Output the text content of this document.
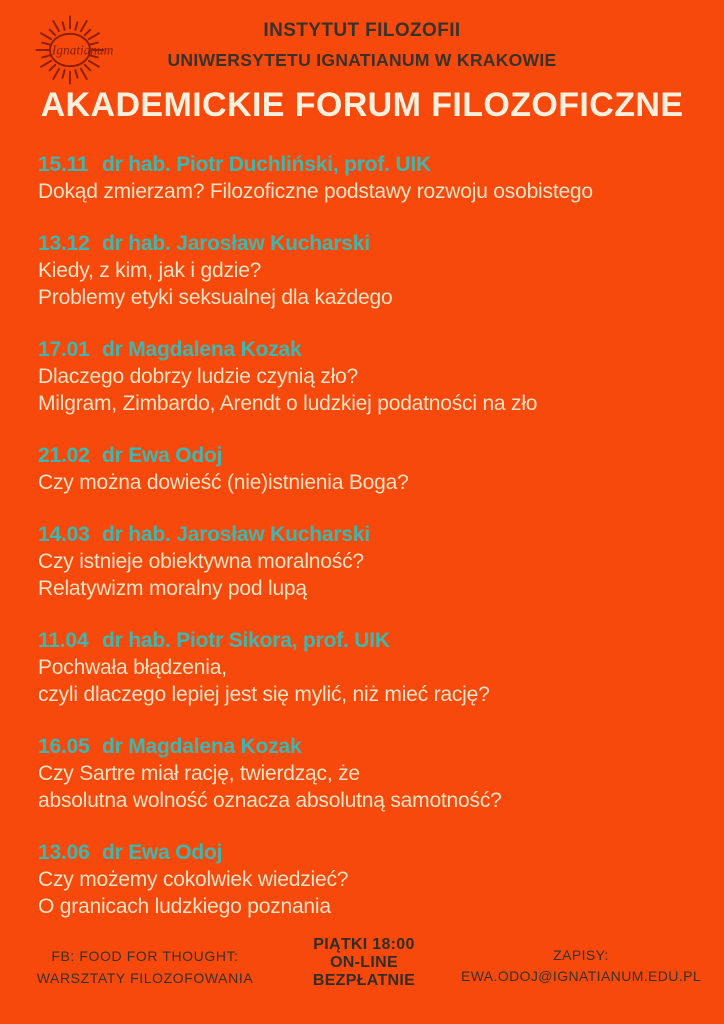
Ignatianum
INSTYTUT FILOZOFII
UNIWERSYTETU IGNATIANUM W KRAKOWIE
AKADEMICKIE FORUM FILOZOFICZNE
15.11 dr hab. Piotr Duchliński, prof. UIK
Dokąd zmierzam? Filozoficzne podstawy rozwoju osobistego
13.12 dr hab. Jarosław Kucharski
Kiedy, z kim, jak i gdzie?
Problemy etyki seksualnej dla każdego
17.01 dr Magdalena Kozak
Dlaczego dobrzy ludzie czynią zło?
Milgram, Zimbardo, Arendt o ludzkiej podatności na zło
21.02 dr Ewa Odoj
Czy można dowieść (nie)istnienia Boga?
14.03 dr hab. Jarosław Kucharski
Czy istnieje obiektywna moralność?
Relatywizm moralny pod lupą
11.04 dr hab. Piotr Sikora, prof. UIK
Pochwała błądzenia,
czyli dlaczego lepiej jest się mylić, niż mieć rację?
16.05 dr Magdalena Kozak
Czy Sartre miał rację, twierdząc, że
absolutna wolność oznacza absolutną samotność?
13.06 dr Ewa Odoj
Czy możemy cokolwiek wiedzieć?
O granicach ludzkiego poznania
FB: FOOD FOR THOUGHT:
WARSZTATY FILOZOFOWANIA
PIĄTKI 18:00
ON-LINE
BEZPŁATNIE
ZAPISY:
EWA.ODOJ@IGNATIANUM.EDU.PL
